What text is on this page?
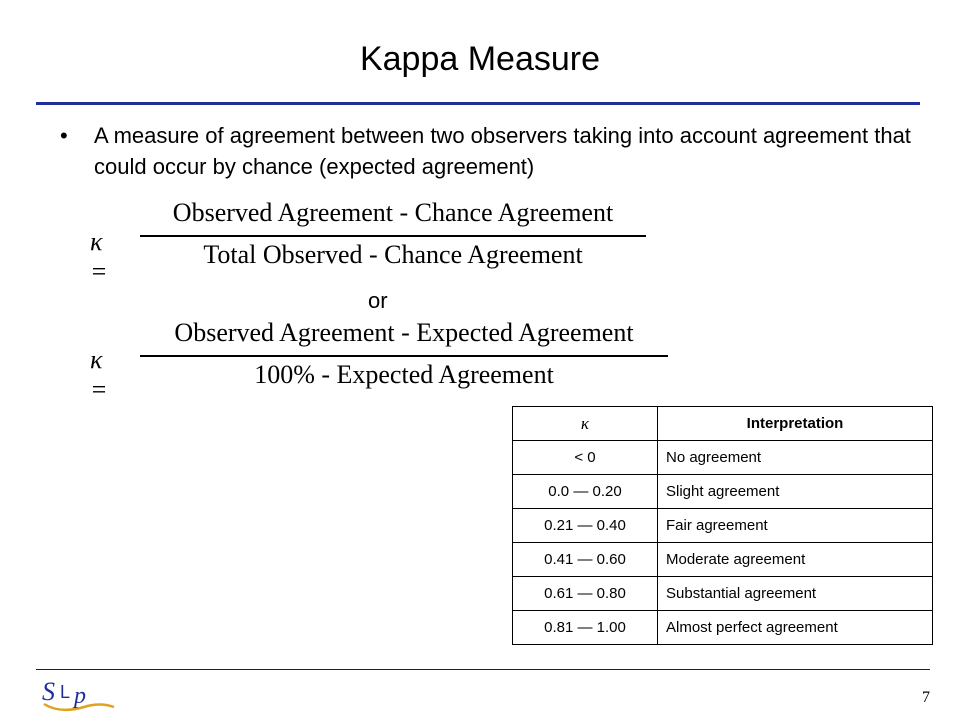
Kappa Measure
• A measure of agreement between two observers taking into account agreement that could occur by chance (expected agreement)
κ =
Observed Agreement - Chance Agreement
Total Observed - Chance Agreement
or
κ =
Observed Agreement - Expected Agreement
100% - Expected Agreement
κ	Interpretation
< 0	No agreement
0.0 — 0.20	Slight agreement
0.21 — 0.40	Fair agreement
0.41 — 0.60	Moderate agreement
0.61 — 0.80	Substantial agreement
0.81 — 1.00	Almost perfect agreement
S L p	7
